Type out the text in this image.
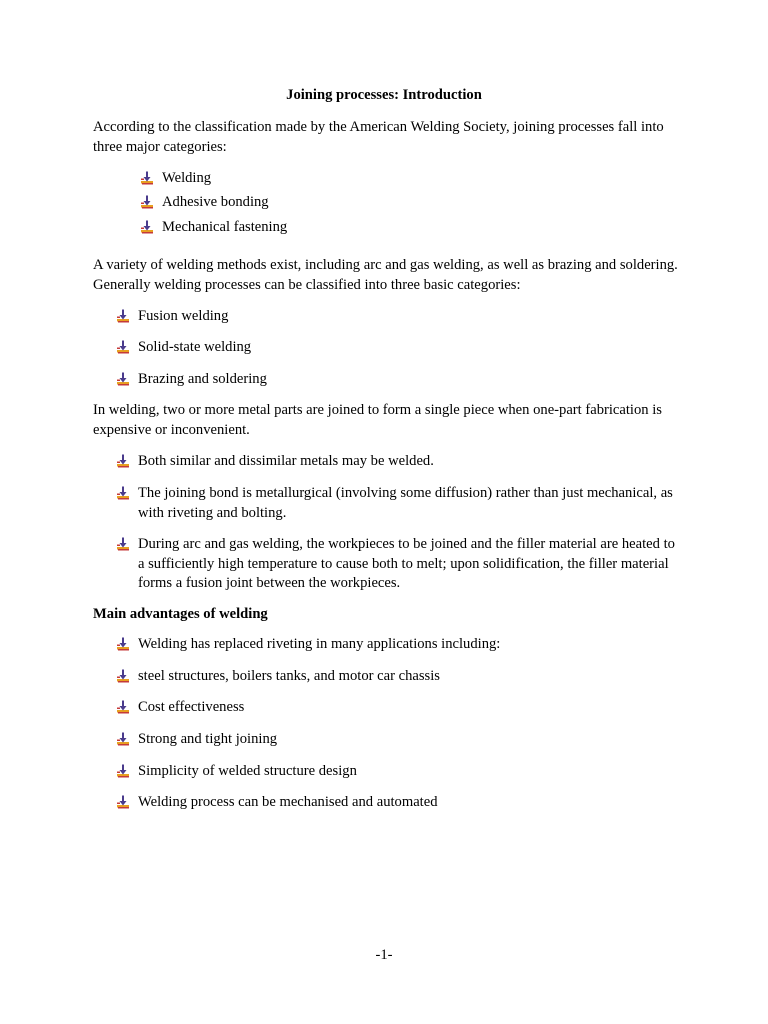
Joining processes: Introduction
According to the classification made by the American Welding Society, joining processes fall into three major categories:
Welding
Adhesive bonding
Mechanical fastening
A variety of welding methods exist, including arc and gas welding, as well as brazing and soldering. Generally welding processes can be classified into three basic categories:
Fusion welding
Solid-state welding
Brazing and soldering
In welding, two or more metal parts are joined to form a single piece when one-part fabrication is expensive or inconvenient.
Both similar and dissimilar metals may be welded.
The joining bond is metallurgical (involving some diffusion) rather than just mechanical, as with riveting and bolting.
During arc and gas welding, the workpieces to be joined and the filler material are heated to a sufficiently high temperature to cause both to melt; upon solidification, the filler material forms a fusion joint between the workpieces.
Main advantages of welding
Welding has replaced riveting in many applications including:
steel structures, boilers tanks, and motor car chassis
Cost effectiveness
Strong and tight joining
Simplicity of welded structure design
Welding process can be mechanised and automated
-1-
